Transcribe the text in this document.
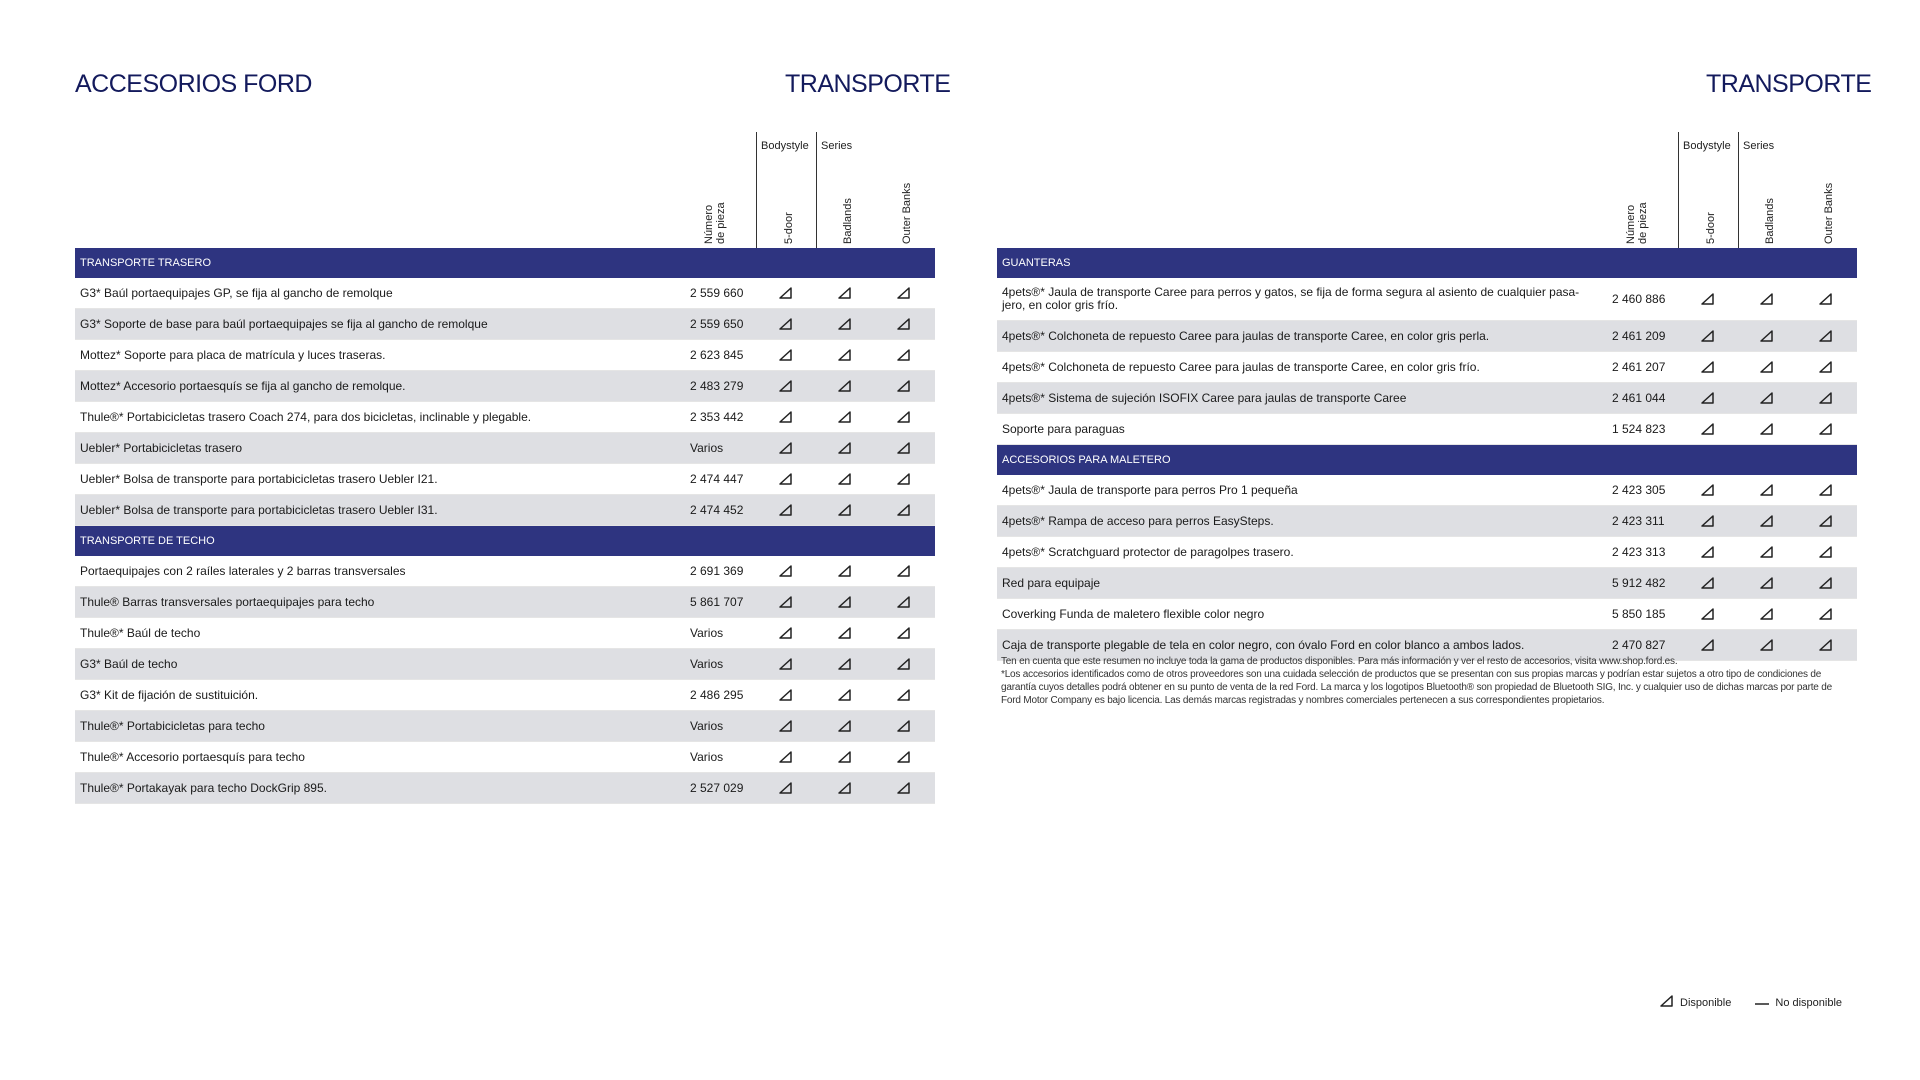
ACCESORIOS FORD	TRANSPORTE	TRANSPORTE
Bodystyle Series
Número de pieza	5-door	Badlands	Outer Banks
TRANSPORTE TRASERO
G3* Baúl portaequipajes GP, se fija al gancho de remolque	2 559 660
G3* Soporte de base para baúl portaequipajes se fija al gancho de remolque	2 559 650
Mottez* Soporte para placa de matrícula y luces traseras.	2 623 845
Mottez* Accesorio portaesquís se fija al gancho de remolque.	2 483 279
Thule®* Portabicicletas trasero Coach 274, para dos bicicletas, inclinable y plegable.	2 353 442
Uebler* Portabicicletas trasero	Varios
Uebler* Bolsa de transporte para portabicicletas trasero Uebler I21.	2 474 447
Uebler* Bolsa de transporte para portabicicletas trasero Uebler I31.	2 474 452
TRANSPORTE DE TECHO
Portaequipajes con 2 raíles laterales y 2 barras transversales	2 691 369
Thule® Barras transversales portaequipajes para techo	5 861 707
Thule®* Baúl de techo	Varios
G3* Baúl de techo	Varios
G3* Kit de fijación de sustituición.	2 486 295
Thule®* Portabicicletas para techo	Varios
Thule®* Accesorio portaesquís para techo	Varios
Thule®* Portakayak para techo DockGrip 895.	2 527 029
Bodystyle Series
Número de pieza	5-door	Badlands	Outer Banks
GUANTERAS
4pets®* Jaula de transporte Caree para perros y gatos, se fija de forma segura al asiento de cualquier pasa-jero, en color gris frío.	2 460 886
4pets®* Colchoneta de repuesto Caree para jaulas de transporte Caree, en color gris perla.	2 461 209
4pets®* Colchoneta de repuesto Caree para jaulas de transporte Caree, en color gris frío.	2 461 207
4pets®* Sistema de sujeción ISOFIX Caree para jaulas de transporte Caree	2 461 044
Soporte para paraguas	1 524 823
ACCESORIOS PARA MALETERO
4pets®* Jaula de transporte para perros Pro 1 pequeña	2 423 305
4pets®* Rampa de acceso para perros EasySteps.	2 423 311
4pets®* Scratchguard protector de paragolpes trasero.	2 423 313
Red para equipaje	5 912 482
Coverking Funda de maletero flexible color negro	5 850 185
Caja de transporte plegable de tela en color negro, con óvalo Ford en color blanco a ambos lados.	2 470 827

Ten en cuenta que este resumen no incluye toda la gama de productos disponibles. Para más información y ver el resto de accesorios, visita www.shop.ford.es.

*Los accesorios identificados como de otros proveedores son una cuidada selección de productos que se presentan con sus propias marcas y podrían estar sujetos a otro tipo de condiciones de garantía cuyos detalles podrá obtener en su punto de venta de la red Ford. La marca y los logotipos Bluetooth® son propiedad de Bluetooth SIG, Inc. y cualquier uso de dichas marcas por parte de Ford Motor Company es bajo licencia. Las demás marcas registradas y nombres comerciales pertenecen a sus correspondientes propietarios.

Disponible	No disponible
